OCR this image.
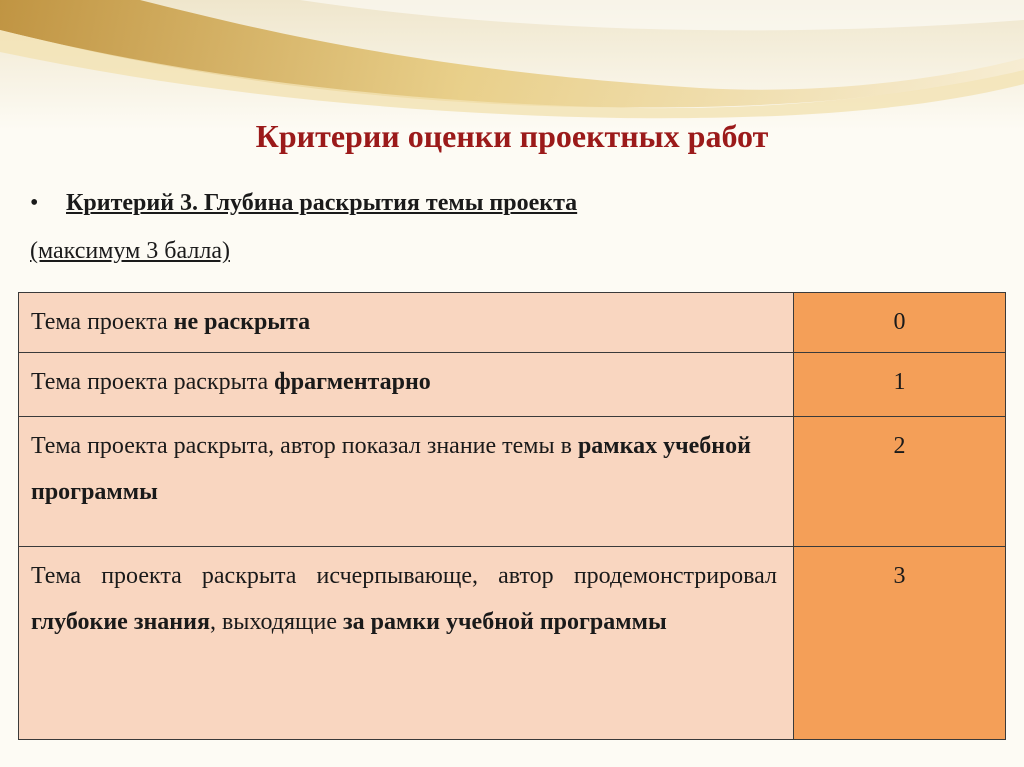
Критерии оценки проектных работ
• Критерий 3. Глубина раскрытия темы проекта
(максимум 3 балла)
Тема проекта не раскрыта	0
Тема проекта раскрыта фрагментарно	1
Тема проекта раскрыта, автор показал знание темы в рамках учебной программы	2
Тема проекта раскрыта исчерпывающе, автор продемонстрировал глубокие знания, выходящие за рамки учебной программы	3
